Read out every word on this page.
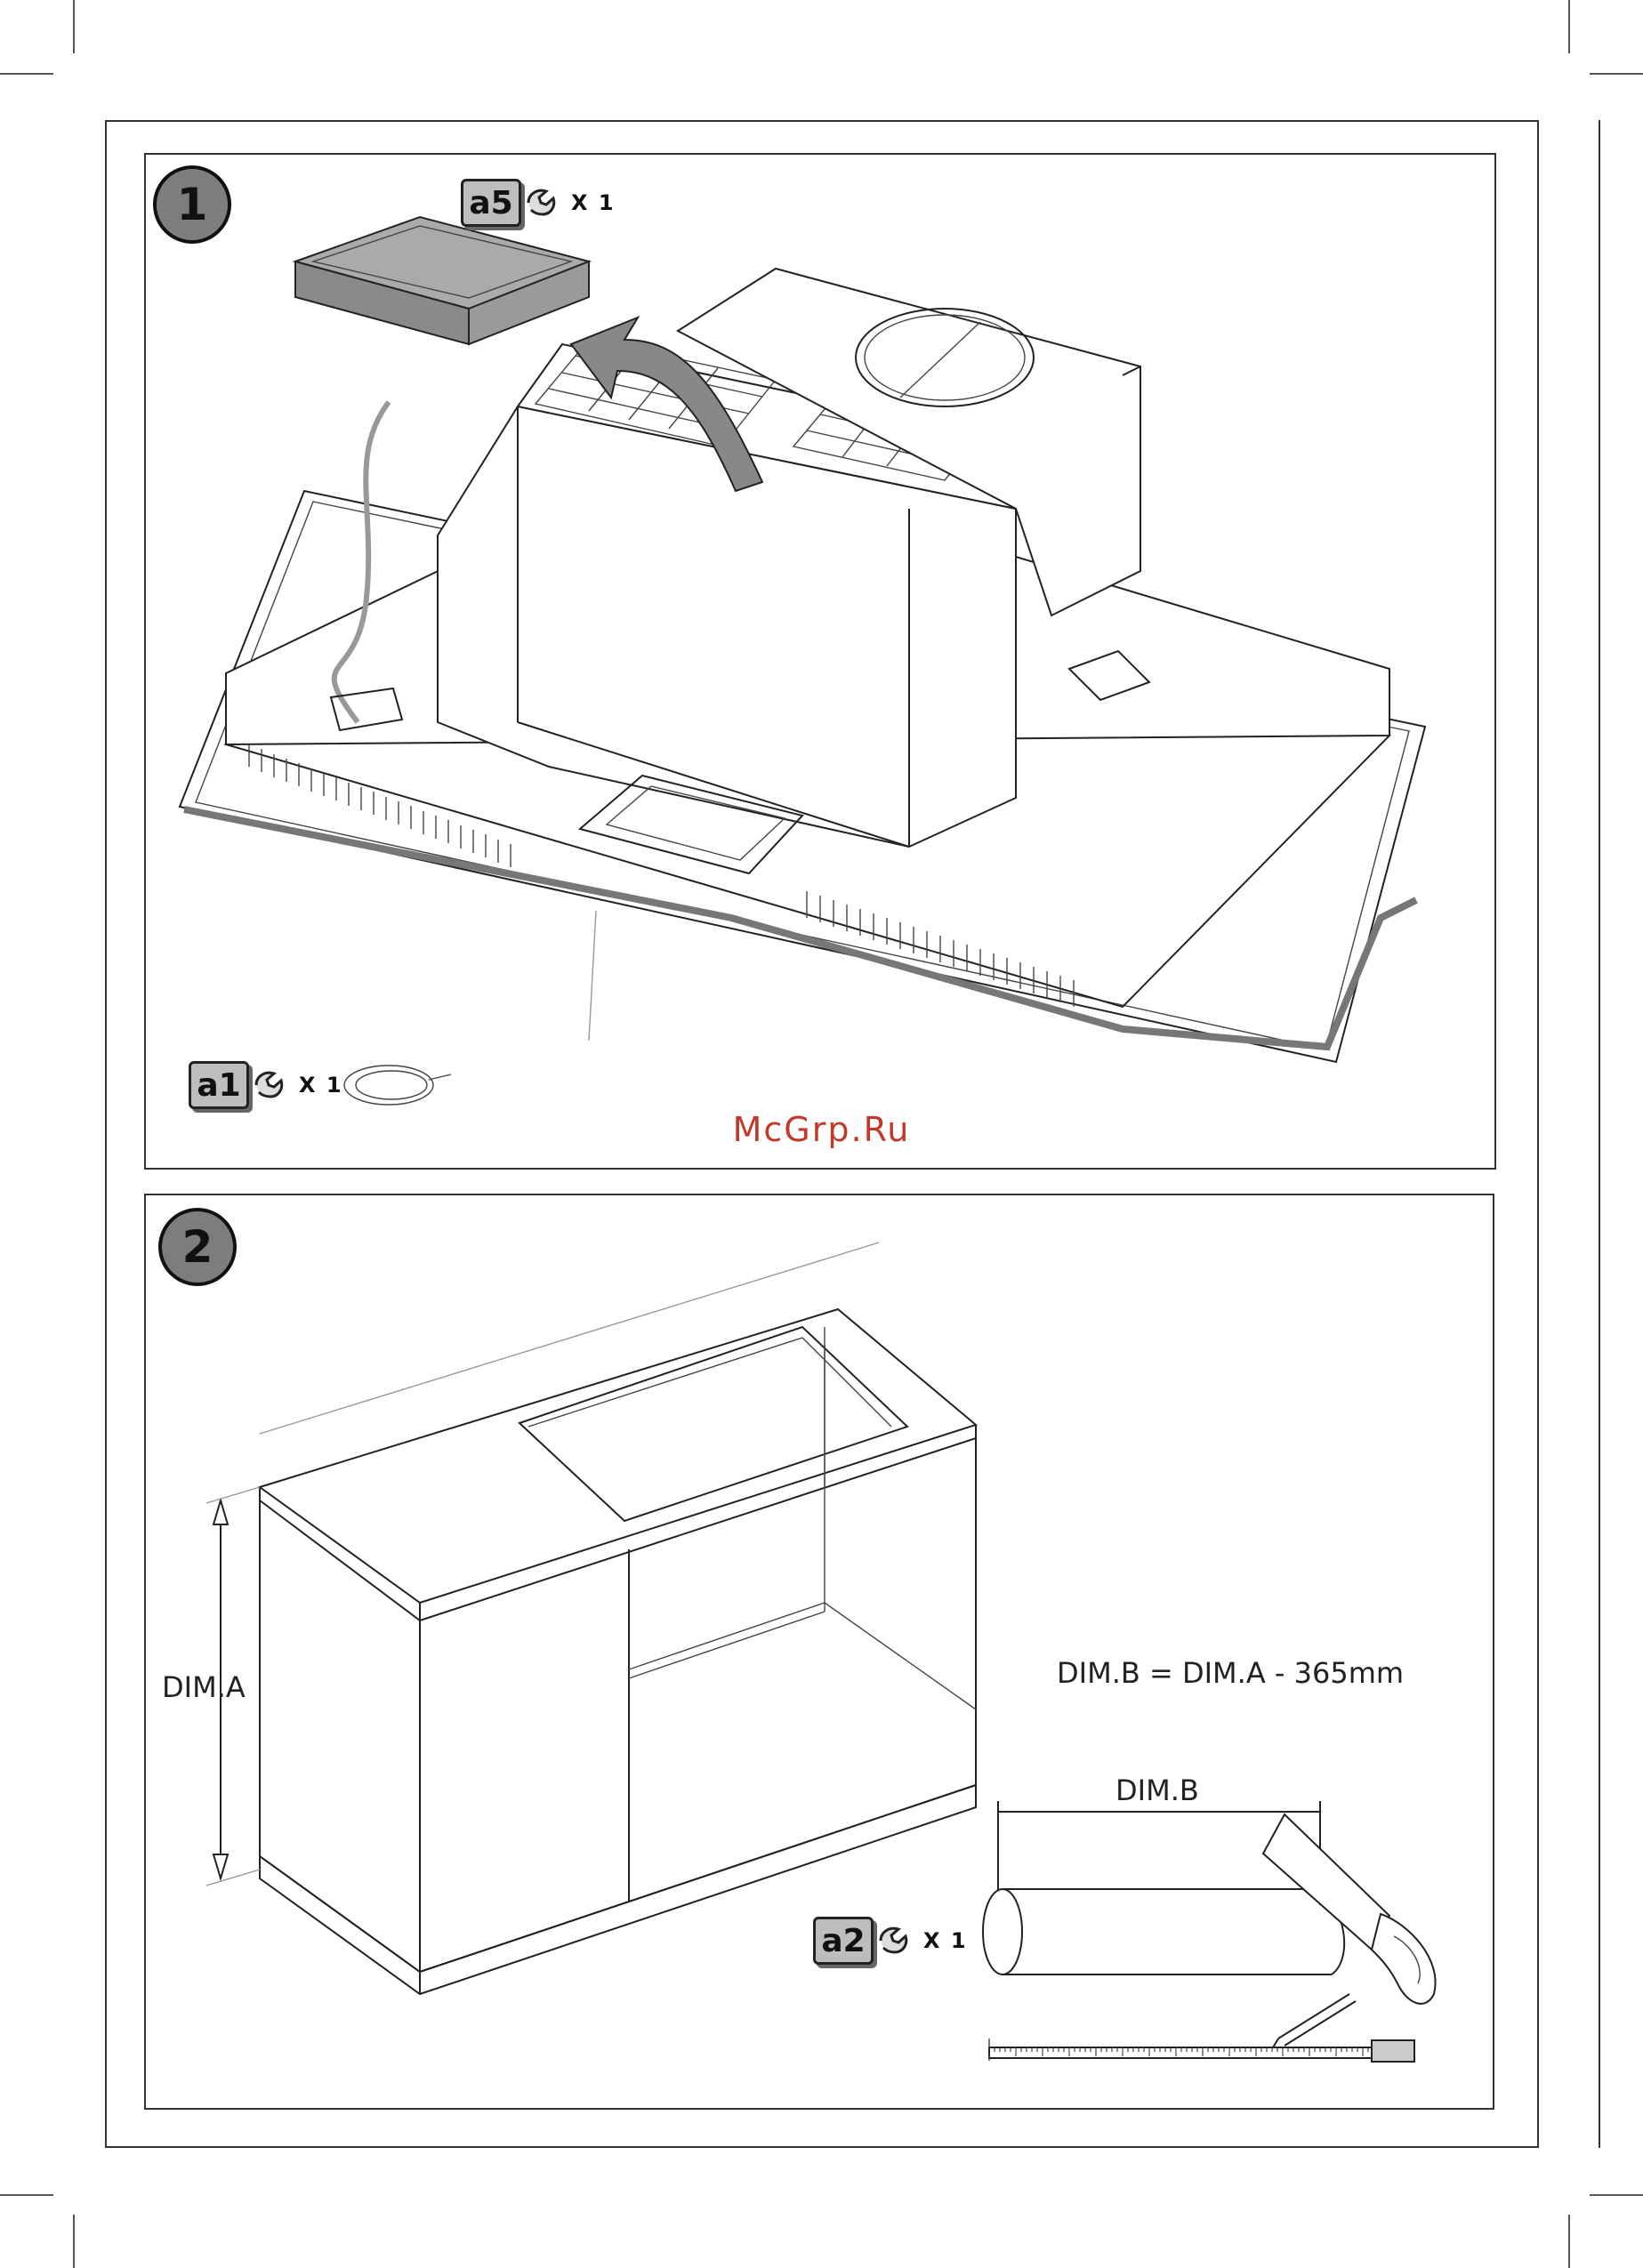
1	a5	X 1
a1	X 1
McGrp.Ru
2
DIM.A	DIM.B = DIM.A - 365mm
DIM.B
a2	X 1
